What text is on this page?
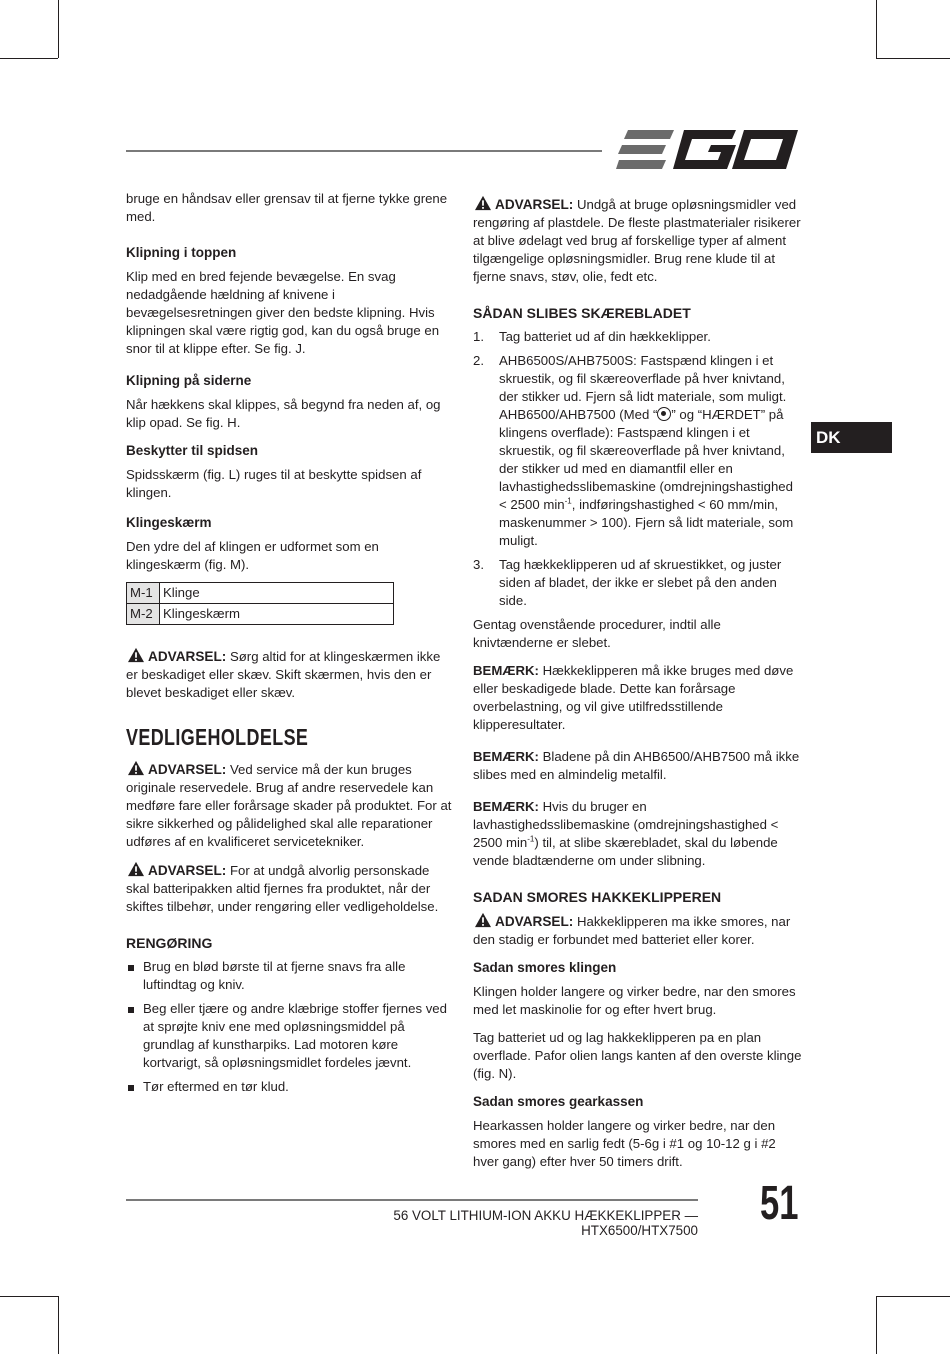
DK

bruge en håndsav eller grensav til at fjerne tykke grene med.

Klipning i toppen

Klip med en bred fejende bevægelse. En svag nedadgående hældning af knivene i bevægelsesretningen giver den bedste klipning. Hvis klipningen skal være rigtig god, kan du også bruge en snor til at klippe efter. Se fig. J.

Klipning på siderne

Når hækkens skal klippes, så begynd fra neden af, og klip opad. Se fig. H.

Beskytter til spidsen

Spidsskærm (fig. L) ruges til at beskytte spidsen af klingen.

Klingeskærm

Den ydre del af klingen er udformet som en klingeskærm (fig. M).

M-1	Klinge
M-2	Klingeskærm

ADVARSEL: Sørg altid for at klingeskærmen ikke er beskadiget eller skæv. Skift skærmen, hvis den er blevet beskadiget eller skæv.

VEDLIGEHOLDELSE

ADVARSEL: Ved service må der kun bruges originale reservedele. Brug af andre reservedele kan medføre fare eller forårsage skader på produktet. For at sikre sikkerhed og pålidelighed skal alle reparationer udføres af en kvalificeret servicetekniker.

ADVARSEL: For at undgå alvorlig personskade skal batteripakken altid fjernes fra produktet, når der skiftes tilbehør, under rengøring eller vedligeholdelse.

RENGØRING
Brug en blød børste til at fjerne snavs fra alle luftindtag og kniv.
Beg eller tjære og andre klæbrige stoffer fjernes ved at sprøjte kniv ene med opløsningsmiddel på grundlag af kunstharpiks. Lad motoren køre kortvarigt, så opløsningsmidlet fordeles jævnt.
Tør eftermed en tør klud.

ADVARSEL: Undgå at bruge opløsningsmidler ved rengøring af plastdele. De fleste plastmaterialer risikerer at blive ødelagt ved brug af forskellige typer af alment tilgængelige opløsningsmidler. Brug rene klude til at fjerne snavs, støv, olie, fedt etc.

SÅDAN SLIBES SKÆREBLADET
1. Tag batteriet ud af din hækkeklipper.
2. AHB6500S/AHB7500S: Fastspænd klingen i et skruestik, og fil skæreoverflade på hver knivtand, der stikker ud. Fjern så lidt materiale, som muligt. AHB6500/AHB7500 (Med “ ” og “HÆRDET” på klingens overflade): Fastspænd klingen i et skruestik, og fil skæreoverflade på hver knivtand, der stikker ud med en diamantfil eller en lavhastighedsslibemaskine (omdrejningshastighed < 2500 $\min^{-1}$, indføringshastighed < 60 mm/min, maskenummer > 100). Fjern så lidt materiale, som muligt.
3. Tag hækkeklipperen ud af skruestikket, og juster siden af bladet, der ikke er slebet på den anden side.

Gentag ovenstående procedurer, indtil alle knivtænderne er slebet.

BEMÆRK: Hækkeklipperen må ikke bruges med døve eller beskadigede blade. Dette kan forårsage overbelastning, og vil give utilfredsstillende klipperesultater.

BEMÆRK: Bladene på din AHB6500/AHB7500 må ikke slibes med en almindelig metalfil.

BEMÆRK: Hvis du bruger en lavhastighedsslibemaskine (omdrejningshastighed < 2500 $\min^{-1}$) til, at slibe skærebladet, skal du løbende vende bladtænderne om under slibning.

SADAN SMORES HAKKEKLIPPEREN

ADVARSEL: Hakkeklipperen ma ikke smores, nar den stadig er forbundet med batteriet eller korer.

Sadan smores klingen

Klingen holder langere og virker bedre, nar den smores med let maskinolie for og efter hvert brug.

Tag batteriet ud og lag hakkeklipperen pa en plan overflade. Pafor olien langs kanten af den overste klinge (fig. N).

Sadan smores gearkassen

Hearkassen holder langere og virker bedre, nar den smores med en sarlig fedt (5-6g i #1 og 10-12 g i #2 hver gang) efter hver 50 timers drift.

56 VOLT LITHIUM-ION AKKU HÆKKEKLIPPER — HTX6500/HTX7500
51
